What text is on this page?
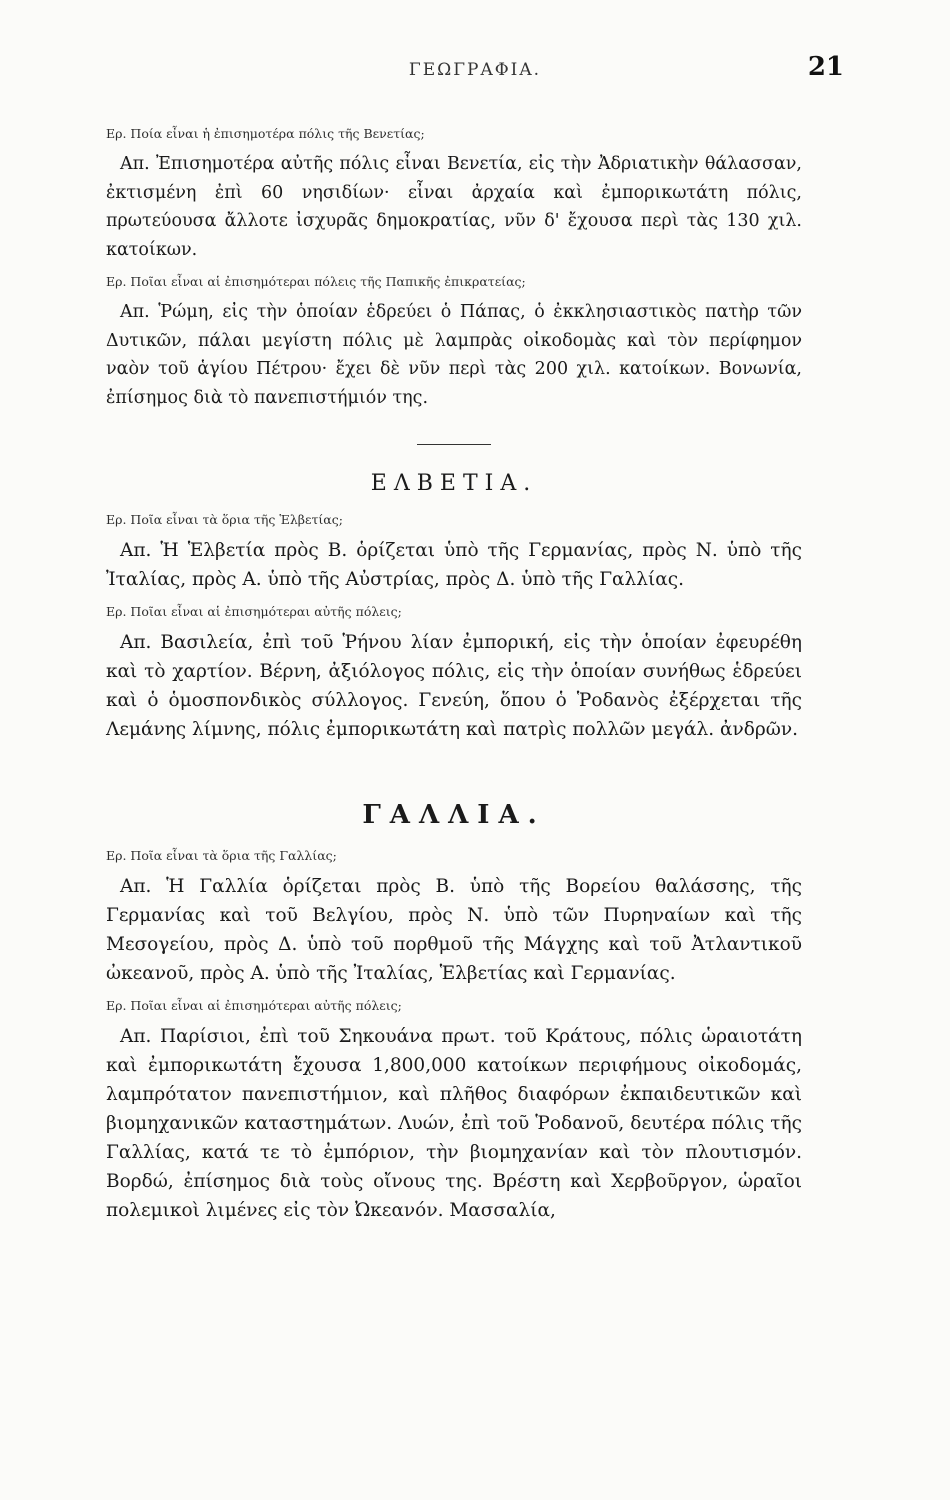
ΓΕΩΓΡΑΦΙΑ.	21

Ερ. Ποία εἶναι ἡ ἐπισημοτέρα πόλις τῆς Βενετίας;

Απ. Ἐπισημοτέρα αὐτῆς πόλις εἶναι Βενετία, εἰς τὴν Ἀδριατικὴν θάλασσαν, ἐκτισμένη ἐπὶ 60 νησιδίων· εἶναι ἀρχαία καὶ ἐμπορικωτάτη πόλις, πρωτεύουσα ἄλλοτε ἰσχυρᾶς δημοκρατίας, νῦν δ' ἔχουσα περὶ τὰς 130 χιλ. κατοίκων.

Ερ. Ποῖαι εἶναι αἱ ἐπισημότεραι πόλεις τῆς Παπικῆς ἐπικρατείας;

Απ. Ῥώμη, εἰς τὴν ὁποίαν ἑδρεύει ὁ Πάπας, ὁ ἐκκλησιαστικὸς πατὴρ τῶν Δυτικῶν, πάλαι μεγίστη πόλις μὲ λαμπρὰς οἰκοδομὰς καὶ τὸν περίφημον ναὸν τοῦ ἁγίου Πέτρου· ἔχει δὲ νῦν περὶ τὰς 200 χιλ. κατοίκων. Βονωνία, ἐπίσημος διὰ τὸ πανεπιστήμιόν της.

ΕΛΒΕΤΙΑ.

Ερ. Ποῖα εἶναι τὰ ὅρια τῆς Ἑλβετίας;

Απ. Ἡ Ἑλβετία πρὸς Β. ὁρίζεται ὑπὸ τῆς Γερμανίας, πρὸς Ν. ὑπὸ τῆς Ἰταλίας, πρὸς Α. ὑπὸ τῆς Αὐστρίας, πρὸς Δ. ὑπὸ τῆς Γαλλίας.

Ερ. Ποῖαι εἶναι αἱ ἐπισημότεραι αὐτῆς πόλεις;

Απ. Βασιλεία, ἐπὶ τοῦ Ῥήνου λίαν ἐμπορική, εἰς τὴν ὁποίαν ἐφευρέθη καὶ τὸ χαρτίον. Βέρνη, ἀξιόλογος πόλις, εἰς τὴν ὁποίαν συνήθως ἑδρεύει καὶ ὁ ὁμοσπονδικὸς σύλλογος. Γενεύη, ὅπου ὁ Ῥοδανὸς ἐξέρχεται τῆς Λεμάνης λίμνης, πόλις ἐμπορικωτάτη καὶ πατρὶς πολλῶν μεγάλ. ἀνδρῶν.

ΓΑΛΛΙΑ.

Ερ. Ποῖα εἶναι τὰ ὅρια τῆς Γαλλίας;

Απ. Ἡ Γαλλία ὁρίζεται πρὸς Β. ὑπὸ τῆς Βορείου θαλάσσης, τῆς Γερμανίας καὶ τοῦ Βελγίου, πρὸς Ν. ὑπὸ τῶν Πυρηναίων καὶ τῆς Μεσογείου, πρὸς Δ. ὑπὸ τοῦ πορθμοῦ τῆς Μάγχης καὶ τοῦ Ἀτλαντικοῦ ὠκεανοῦ, πρὸς Α. ὑπὸ τῆς Ἰταλίας, Ἑλβετίας καὶ Γερμανίας.

Ερ. Ποῖαι εἶναι αἱ ἐπισημότεραι αὐτῆς πόλεις;

Απ. Παρίσιοι, ἐπὶ τοῦ Σηκουάνα πρωτ. τοῦ Κράτους, πόλις ὡραιοτάτη καὶ ἐμπορικωτάτη ἔχουσα 1,800,000 κατοίκων περιφήμους οἰκοδομάς, λαμπρότατον πανεπιστήμιον, καὶ πλῆθος διαφόρων ἐκπαιδευτικῶν καὶ βιομηχανικῶν καταστημάτων. Λυών, ἐπὶ τοῦ Ῥοδανοῦ, δευτέρα πόλις τῆς Γαλλίας, κατά τε τὸ ἐμπόριον, τὴν βιομηχανίαν καὶ τὸν πλουτισμόν. Βορδώ, ἐπίσημος διὰ τοὺς οἴνους της. Βρέστη καὶ Χερβοῦργον, ὡραῖοι πολεμικοὶ λιμένες εἰς τὸν Ὠκεανόν. Μασσαλία,
